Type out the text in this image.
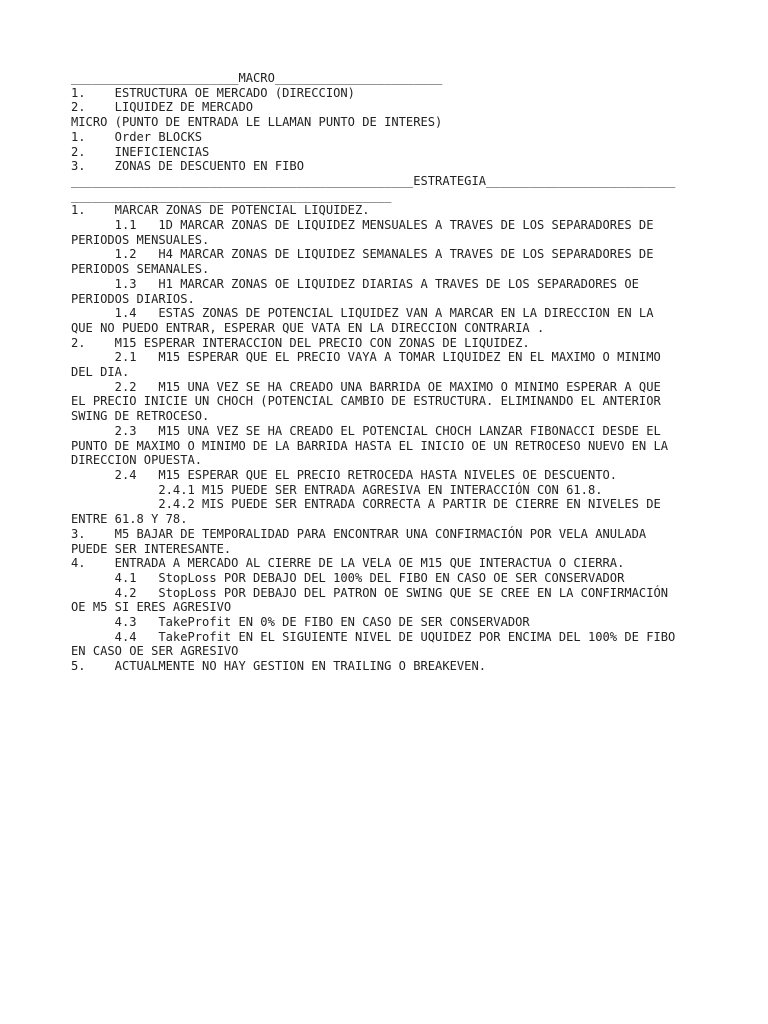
_______________________MACRO_______________________
1.    ESTRUCTURA OE MERCADO (DIRECCION)
2.    LIQUIDEZ DE MERCADO
MICRO (PUNTO DE ENTRADA LE LLAMAN PUNTO DE INTERES)
1.    Order BLOCKS
2.    INEFICIENCIAS
3.    ZONAS DE DESCUENTO EN FIBO
_______________________________________________ESTRATEGIA__________________________
____________________________________________
1.    MARCAR ZONAS DE POTENCIAL LIQUIDEZ.
1.1   1D MARCAR ZONAS DE LIQUIDEZ MENSUALES A TRAVES DE LOS SEPARADORES DE
PERIODOS MENSUALES.
1.2   H4 MARCAR ZONAS DE LIQUIDEZ SEMANALES A TRAVES DE LOS SEPARADORES DE
PERIODOS SEMANALES.
1.3   H1 MARCAR ZONAS OE LIQUIDEZ DIARIAS A TRAVES DE LOS SEPARADORES OE
PERIODOS DIARIOS.
1.4   ESTAS ZONAS DE POTENCIAL LIQUIDEZ VAN A MARCAR EN LA DIRECCION EN LA
QUE NO PUEDO ENTRAR, ESPERAR QUE VATA EN LA DIRECCION CONTRARIA .
2.    M15 ESPERAR INTERACCION DEL PRECIO CON ZONAS DE LIQUIDEZ.
2.1   M15 ESPERAR QUE EL PRECIO VAYA A TOMAR LIQUIDEZ EN EL MAXIMO O MINIMO
DEL DIA.
2.2   M15 UNA VEZ SE HA CREADO UNA BARRIDA OE MAXIMO O MINIMO ESPERAR A QUE
EL PRECIO INICIE UN CHOCH (POTENCIAL CAMBIO DE ESTRUCTURA. ELIMINANDO EL ANTERIOR
SWING DE RETROCESO.
2.3   M15 UNA VEZ SE HA CREADO EL POTENCIAL CHOCH LANZAR FIBONACCI DESDE EL
PUNTO DE MAXIMO O MINIMO DE LA BARRIDA HASTA EL INICIO OE UN RETROCESO NUEVO EN LA
DIRECCION OPUESTA.
2.4   M15 ESPERAR QUE EL PRECIO RETROCEDA HASTA NIVELES OE DESCUENTO.
2.4.1 M15 PUEDE SER ENTRADA AGRESIVA EN INTERACCIÓN CON 61.8.
2.4.2 MIS PUEDE SER ENTRADA CORRECTA A PARTIR DE CIERRE EN NIVELES DE
ENTRE 61.8 Y 78.
3.    M5 BAJAR DE TEMPORALIDAD PARA ENCONTRAR UNA CONFIRMACIÓN POR VELA ANULADA
PUEDE SER INTERESANTE.
4.    ENTRADA A MERCADO AL CIERRE DE LA VELA OE M15 QUE INTERACTUA O CIERRA.
4.1   StopLoss POR DEBAJO DEL 100% DEL FIBO EN CASO OE SER CONSERVADOR
4.2   StopLoss POR DEBAJO DEL PATRON OE SWING QUE SE CREE EN LA CONFIRMACIÓN
OE M5 SI ERES AGRESIVO
4.3   TakeProfit EN 0% DE FIBO EN CASO DE SER CONSERVADOR
4.4   TakeProfit EN EL SIGUIENTE NIVEL DE UQUIDEZ POR ENCIMA DEL 100% DE FIBO
EN CASO OE SER AGRESIVO
5.    ACTUALMENTE NO HAY GESTION EN TRAILING O BREAKEVEN.
